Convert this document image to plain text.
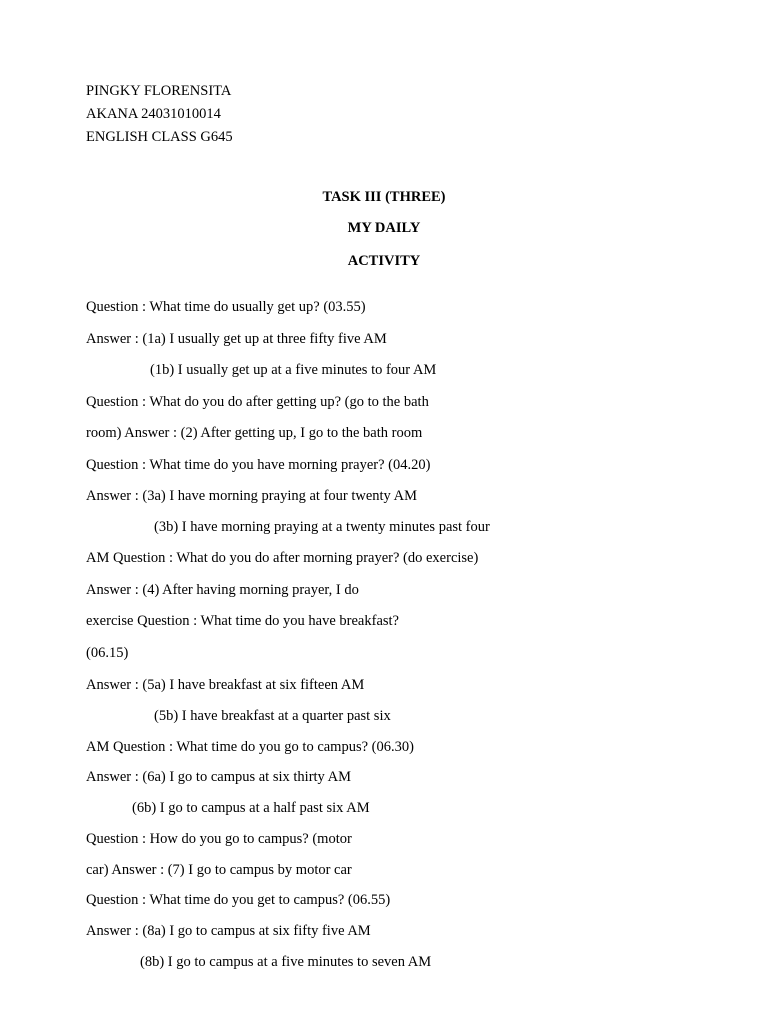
PINGKY FLORENSITA
AKANA 24031010014
ENGLISH CLASS G645
TASK III (THREE)
MY DAILY
ACTIVITY
Question : What time do usually get up? (03.55)
Answer : (1a) I usually get up at three fifty five AM
(1b) I usually get up at a five minutes to four AM
Question : What do you do after getting up? (go to the bath
room) Answer : (2) After getting up, I go to the bath room
Question : What time do you have morning prayer? (04.20)
Answer : (3a) I have morning praying at four twenty AM
(3b) I have morning praying at a twenty minutes past four
AM Question : What do you do after morning prayer? (do exercise)
Answer : (4) After having morning prayer, I do
exercise Question : What time do you have breakfast?
(06.15)
Answer : (5a) I have breakfast at six fifteen AM
(5b) I have breakfast at a quarter past six
AM Question : What time do you go to campus? (06.30)
Answer : (6a) I go to campus at six thirty AM
(6b) I go to campus at a half past six AM
Question : How do you go to campus? (motor
car) Answer : (7) I go to campus by motor car
Question : What time do you get to campus? (06.55)
Answer : (8a) I go to campus at six fifty five AM
(8b) I go to campus at a five minutes to seven AM
